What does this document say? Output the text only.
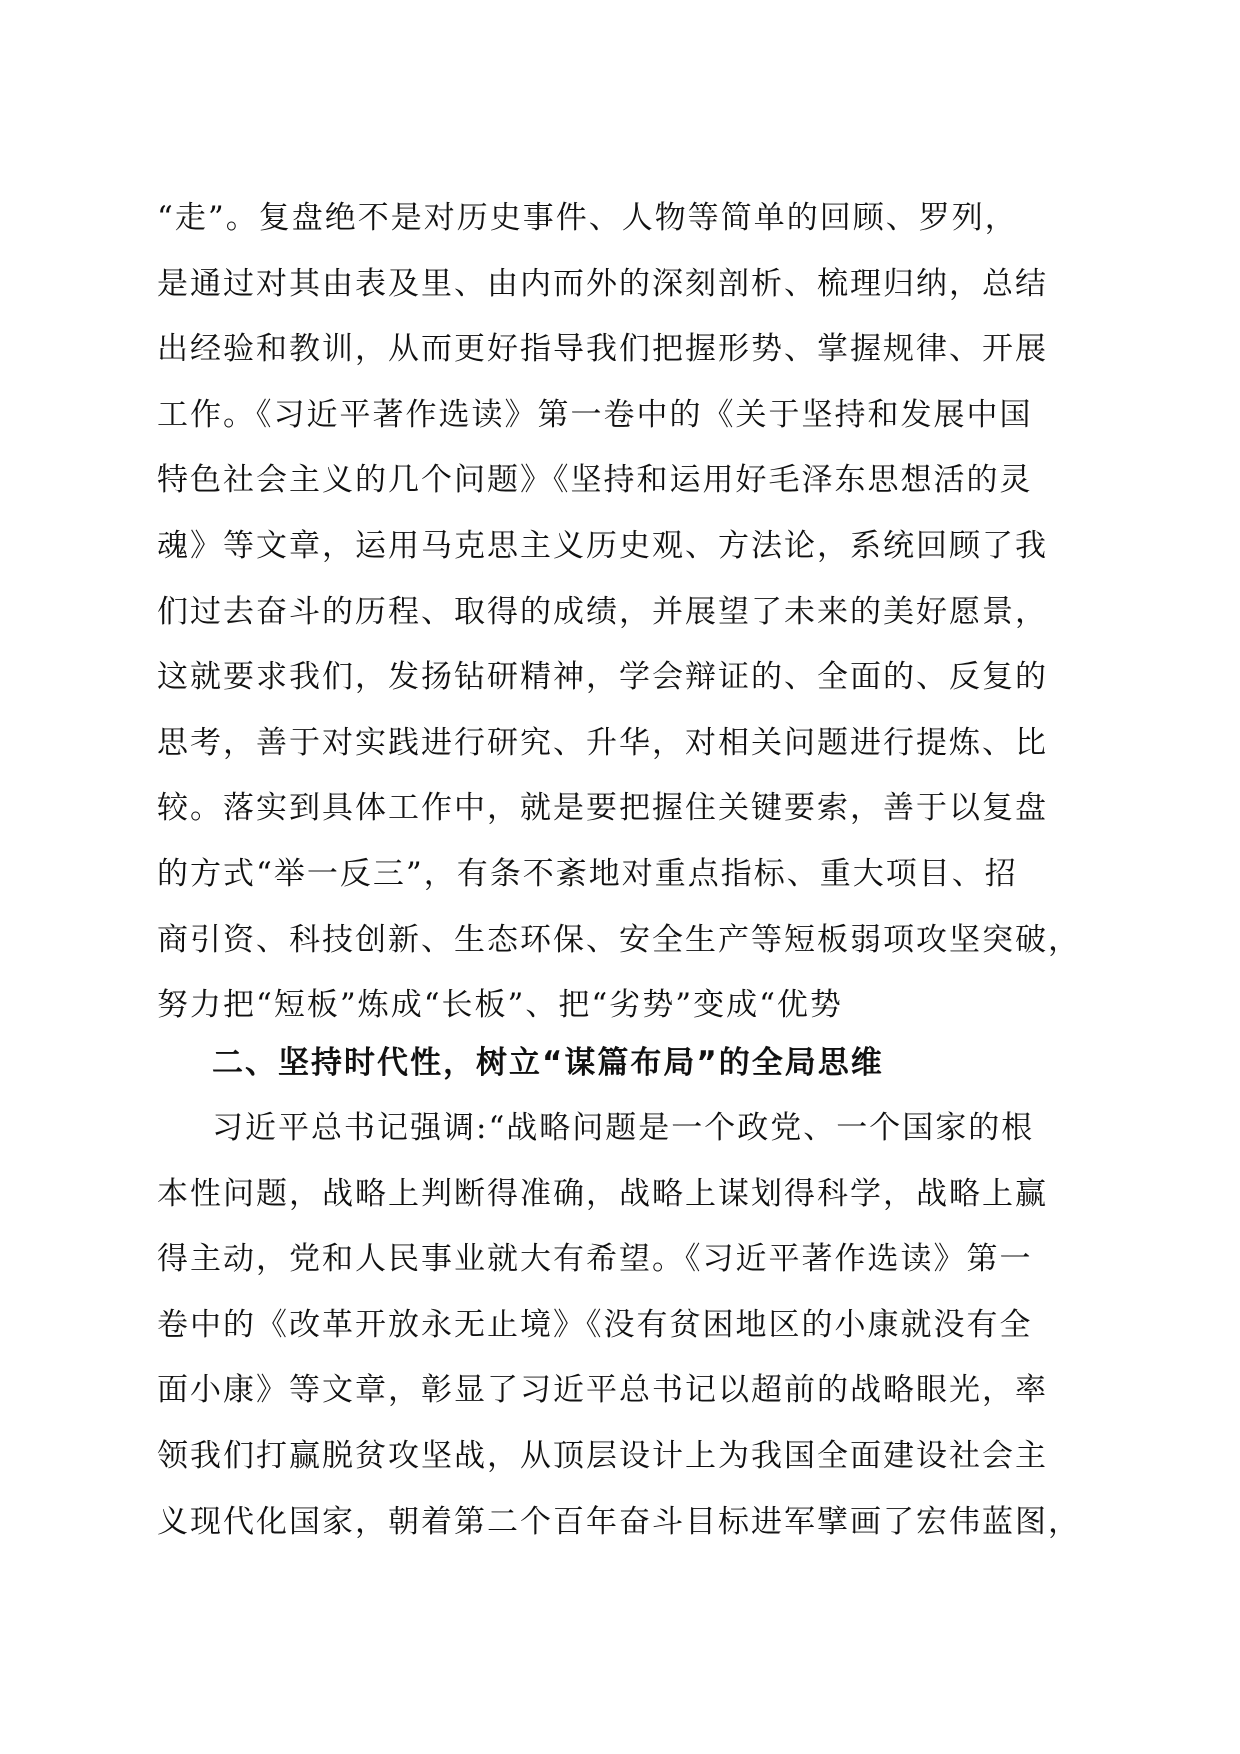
“走”。复盘绝不是对历史事件、人物等简单的回顾、罗列，
是通过对其由表及里、由内而外的深刻剖析、梳理归纳，总结
出经验和教训，从而更好指导我们把握形势、掌握规律、开展
工作。《习近平著作选读》第一卷中的《关于坚持和发展中国
特色社会主义的几个问题》《坚持和运用好毛泽东思想活的灵
魂》等文章，运用马克思主义历史观、方法论，系统回顾了我
们过去奋斗的历程、取得的成绩，并展望了未来的美好愿景，
这就要求我们，发扬钻研精神，学会辩证的、全面的、反复的
思考，善于对实践进行研究、升华，对相关问题进行提炼、比
较。落实到具体工作中，就是要把握住关键要索，善于以复盘
的方式“举一反三”，有条不紊地对重点指标、重大项目、招
商引资、科技创新、生态环保、安全生产等短板弱项攻坚突破，
努力把“短板”炼成“长板”、把“劣势”变成“优势
二、坚持时代性，树立“谋篇布局”的全局思维
习近平总书记强调:“战略问题是一个政党、一个国家的根
本性问题，战略上判断得准确，战略上谋划得科学，战略上赢
得主动，党和人民事业就大有希望。《习近平著作选读》第一
卷中的《改革开放永无止境》《没有贫困地区的小康就没有全
面小康》等文章，彰显了习近平总书记以超前的战略眼光，率
领我们打赢脱贫攻坚战，从顶层设计上为我国全面建设社会主
义现代化国家，朝着第二个百年奋斗目标进军擘画了宏伟蓝图，
